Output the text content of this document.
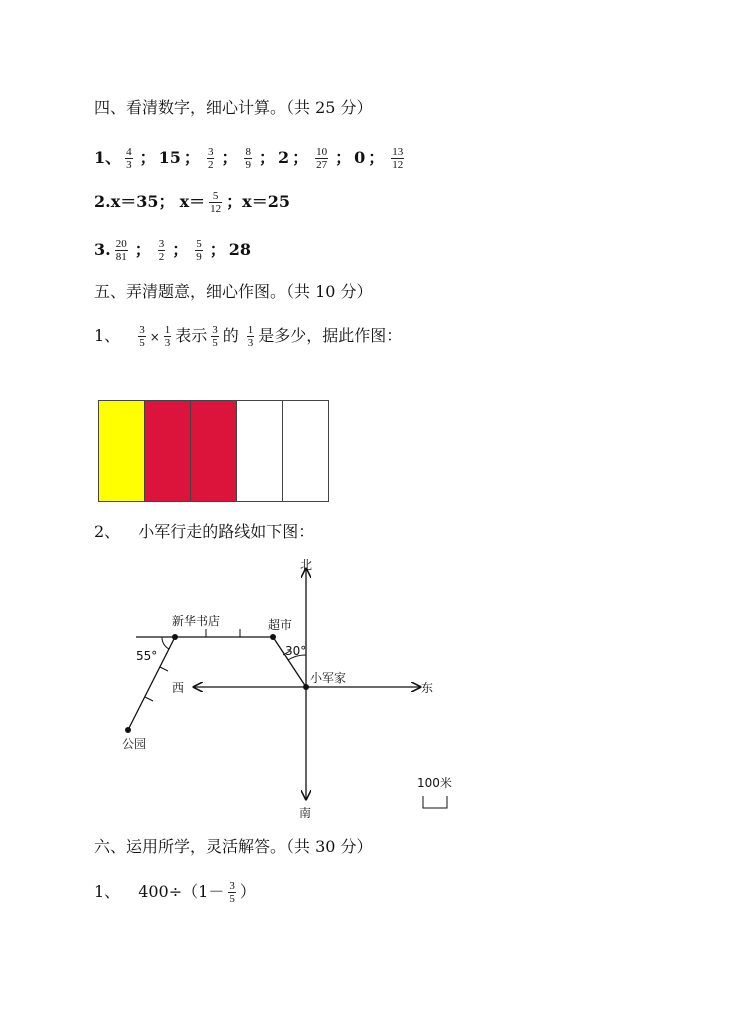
四、看清数字，细心计算。（共 25 分）
1、 $\frac{4}{3}$ ； 15 ； $\frac{3}{2}$ ； $\frac{8}{9}$ ； 2 ； $\frac{10}{27}$ ； 0 ； $\frac{13}{12}$
2.x＝35； $x= \frac{5}{12}$ ；x＝25
3. $\frac{20}{81}$ ； $\frac{3}{2}$ ； $\frac{5}{9}$ ； 28
五、弄清题意，细心作图。（共 10 分）
1、 $\frac{3}{5} \times \frac{1}{3}$ 表示 $\frac{3}{5}$ 的 $\frac{1}{3}$ 是多少，据此作图：
2、 小军行走的路线如下图：
北
南
东
西
新华书店	超市
小军家
公园
55°	30°
100米
六、运用所学，灵活解答。（共 30 分）
1、 $400\div(1- \frac{3}{5}$ ）
